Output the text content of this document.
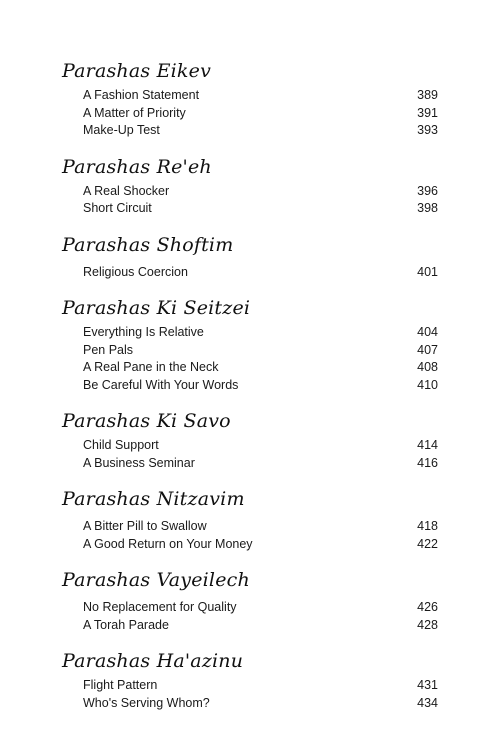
Parashas Eikev
A Fashion Statement	389
A Matter of Priority	391
Make-Up Test	393
Parashas Re'eh
A Real Shocker	396
Short Circuit	398
Parashas Shoftim
Religious Coercion	401
Parashas Ki Seitzei
Everything Is Relative	404
Pen Pals	407
A Real Pane in the Neck	408
Be Careful With Your Words	410
Parashas Ki Savo
Child Support	414
A Business Seminar	416
Parashas Nitzavim
A Bitter Pill to Swallow	418
A Good Return on Your Money	422
Parashas Vayeilech
No Replacement for Quality	426
A Torah Parade	428
Parashas Ha'azinu
Flight Pattern	431
Who's Serving Whom?	434
